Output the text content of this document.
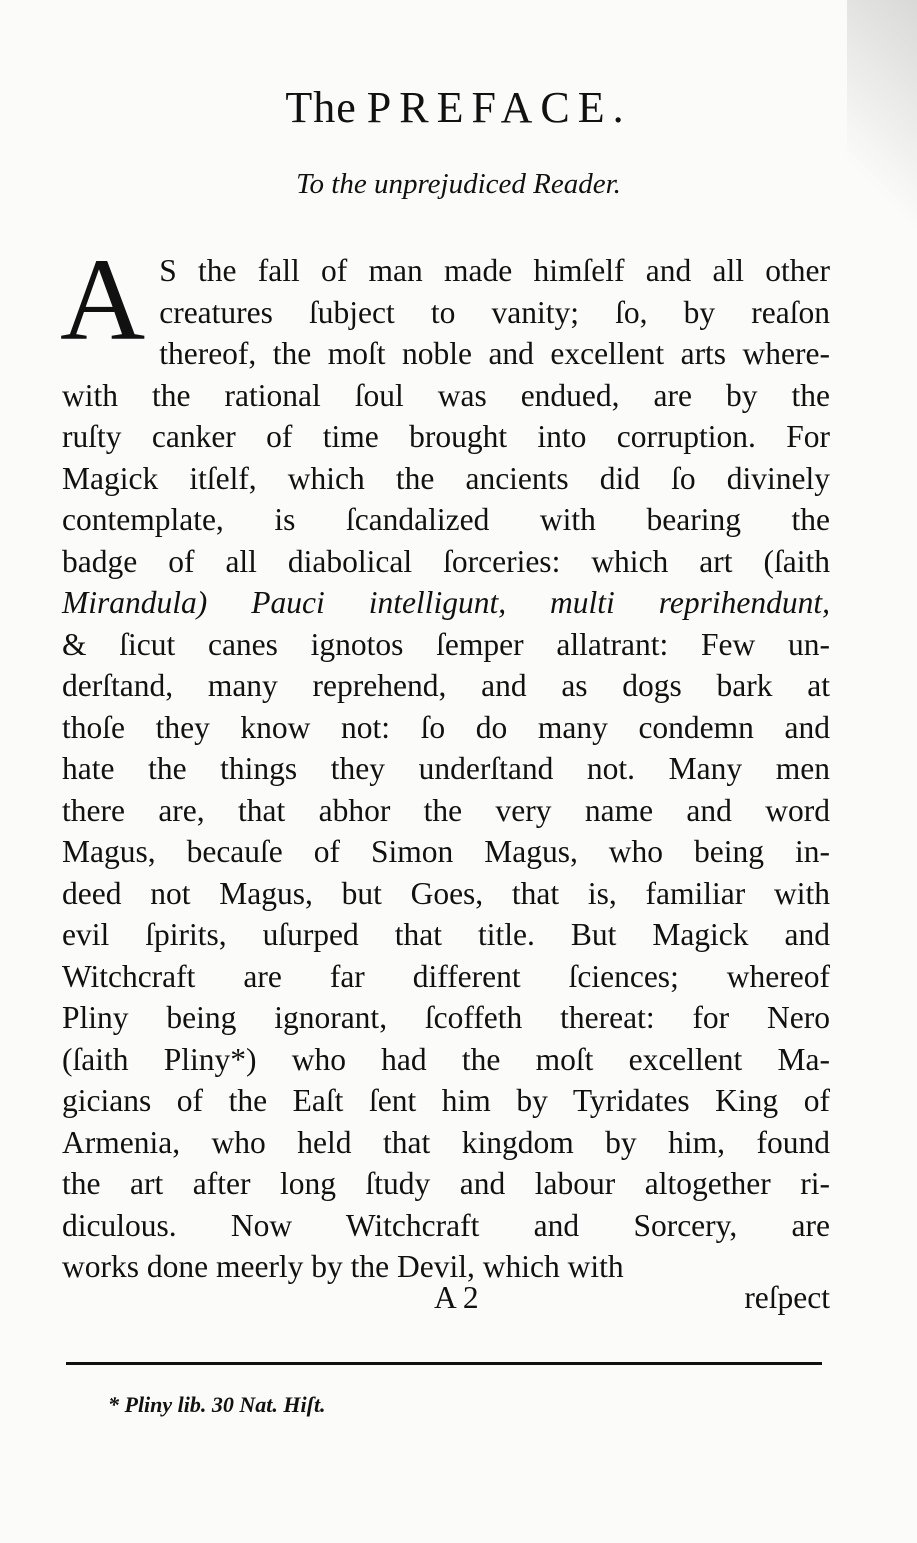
The PREFACE.
To the unprejudiced Reader.
A S the fall of man made himſelf and all other
creatures ſubject to vanity; ſo, by reaſon
thereof, the moſt noble and excellent arts where-
with the rational ſoul was endued, are by the
ruſty canker of time brought into corruption. For
Magick itſelf, which the ancients did ſo divinely
contemplate, is ſcandalized with bearing the
badge of all diabolical ſorceries: which art (ſaith
Mirandula) Pauci intelligunt, multi reprihendunt,
& ſicut canes ignotos ſemper allatrant: Few un-
derſtand, many reprehend, and as dogs bark at
thoſe they know not: ſo do many condemn and
hate the things they underſtand not. Many men
there are, that abhor the very name and word
Magus, becauſe of Simon Magus, who being in-
deed not Magus, but Goes, that is, familiar with
evil ſpirits, uſurped that title. But Magick and
Witchcraft are far different ſciences; whereof
Pliny being ignorant, ſcoffeth thereat: for Nero
(ſaith Pliny*) who had the moſt excellent Ma-
gicians of the Eaſt ſent him by Tyridates King of
Armenia, who held that kingdom by him, found
the art after long ſtudy and labour altogether ri-
diculous. Now Witchcraft and Sorcery, are
works done meerly by the Devil, which with
A 2	reſpect
* Pliny lib. 30 Nat. Hiſt.
